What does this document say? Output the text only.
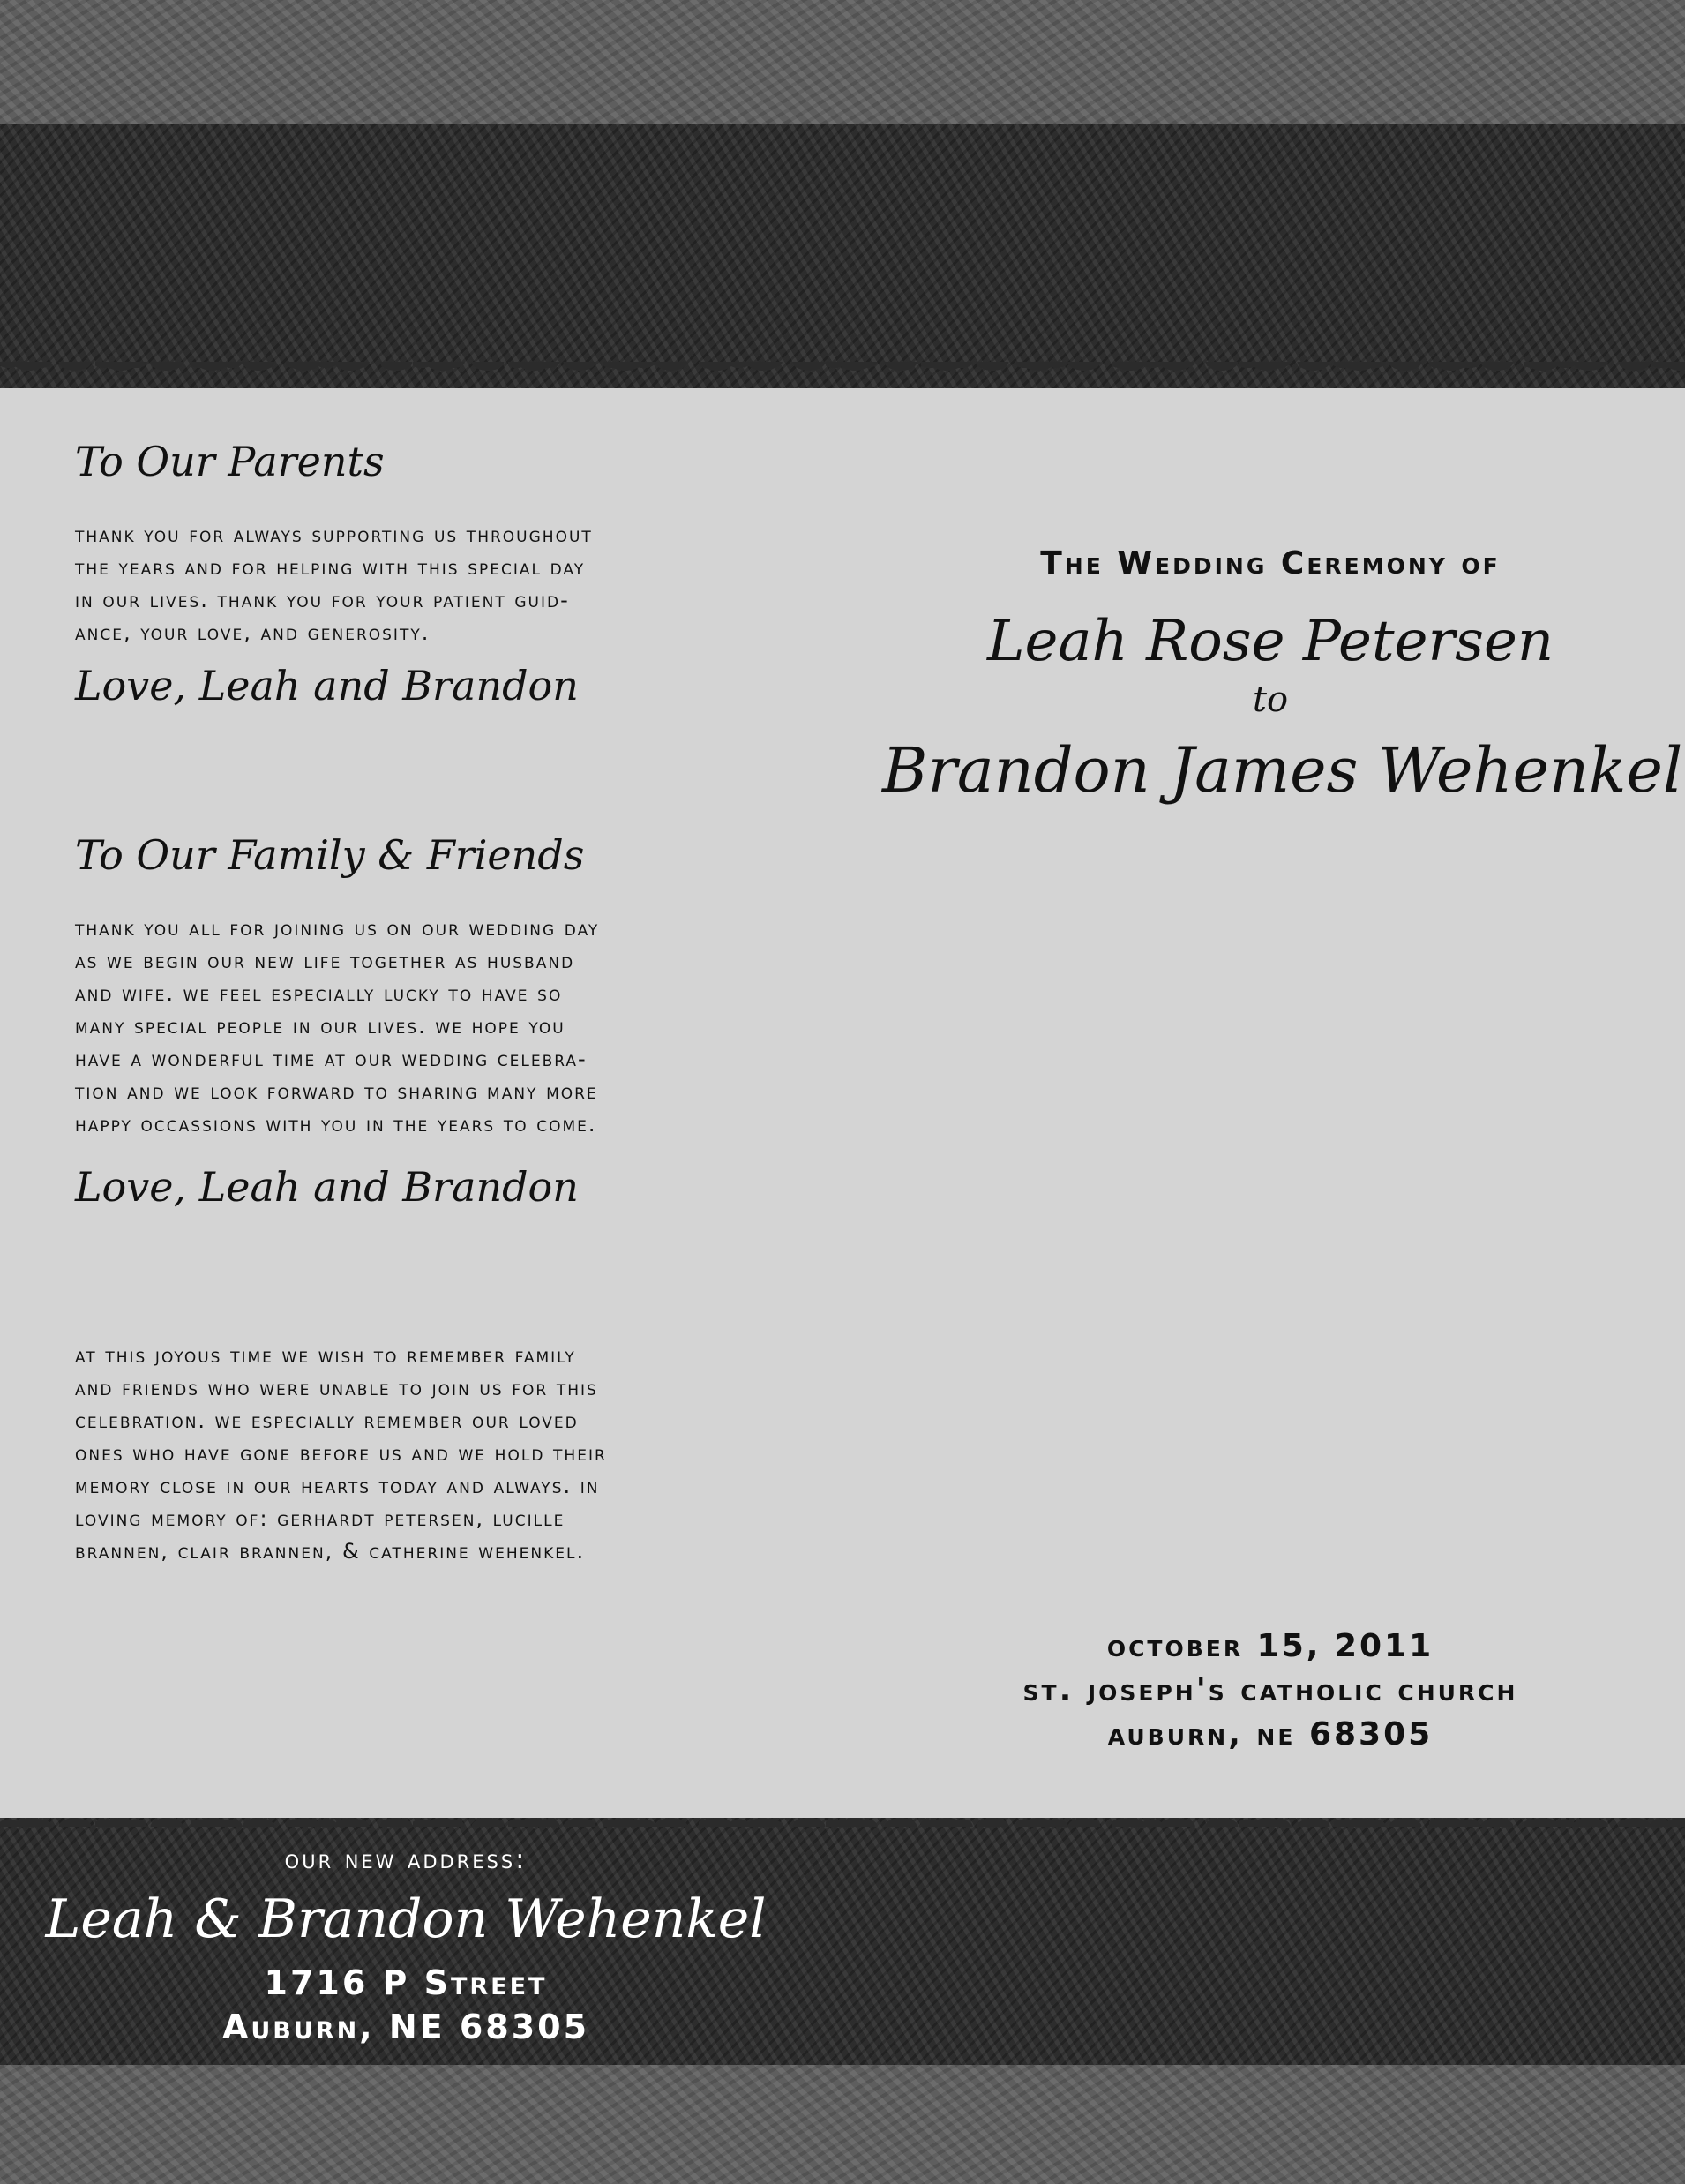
To Our Parents
thank you for always supporting us throughout
the years and for helping with this special day
in our lives. thank you for your patient guid-
ance, your love, and generosity.
Love, Leah and Brandon
To Our Family & Friends
thank you all for joining us on our wedding day
as we begin our new life together as husband
and wife. we feel especially lucky to have so
many special people in our lives. we hope you
have a wonderful time at our wedding celebra-
tion and we look forward to sharing many more
happy occassions with you in the years to come.
Love, Leah and Brandon
at this joyous time we wish to remember family
and friends who were unable to join us for this
celebration. we especially remember our loved
ones who have gone before us and we hold their
memory close in our hearts today and always. in
loving memory of: gerhardt petersen, lucille
brannen, clair brannen, & catherine wehenkel.
The Wedding Ceremony of
Leah Rose Petersen
to
Brandon James Wehenkel
october 15, 2011
st. joseph's catholic church
auburn, ne 68305
our new address:
Leah & Brandon Wehenkel
1716 P Street
Auburn, NE 68305
